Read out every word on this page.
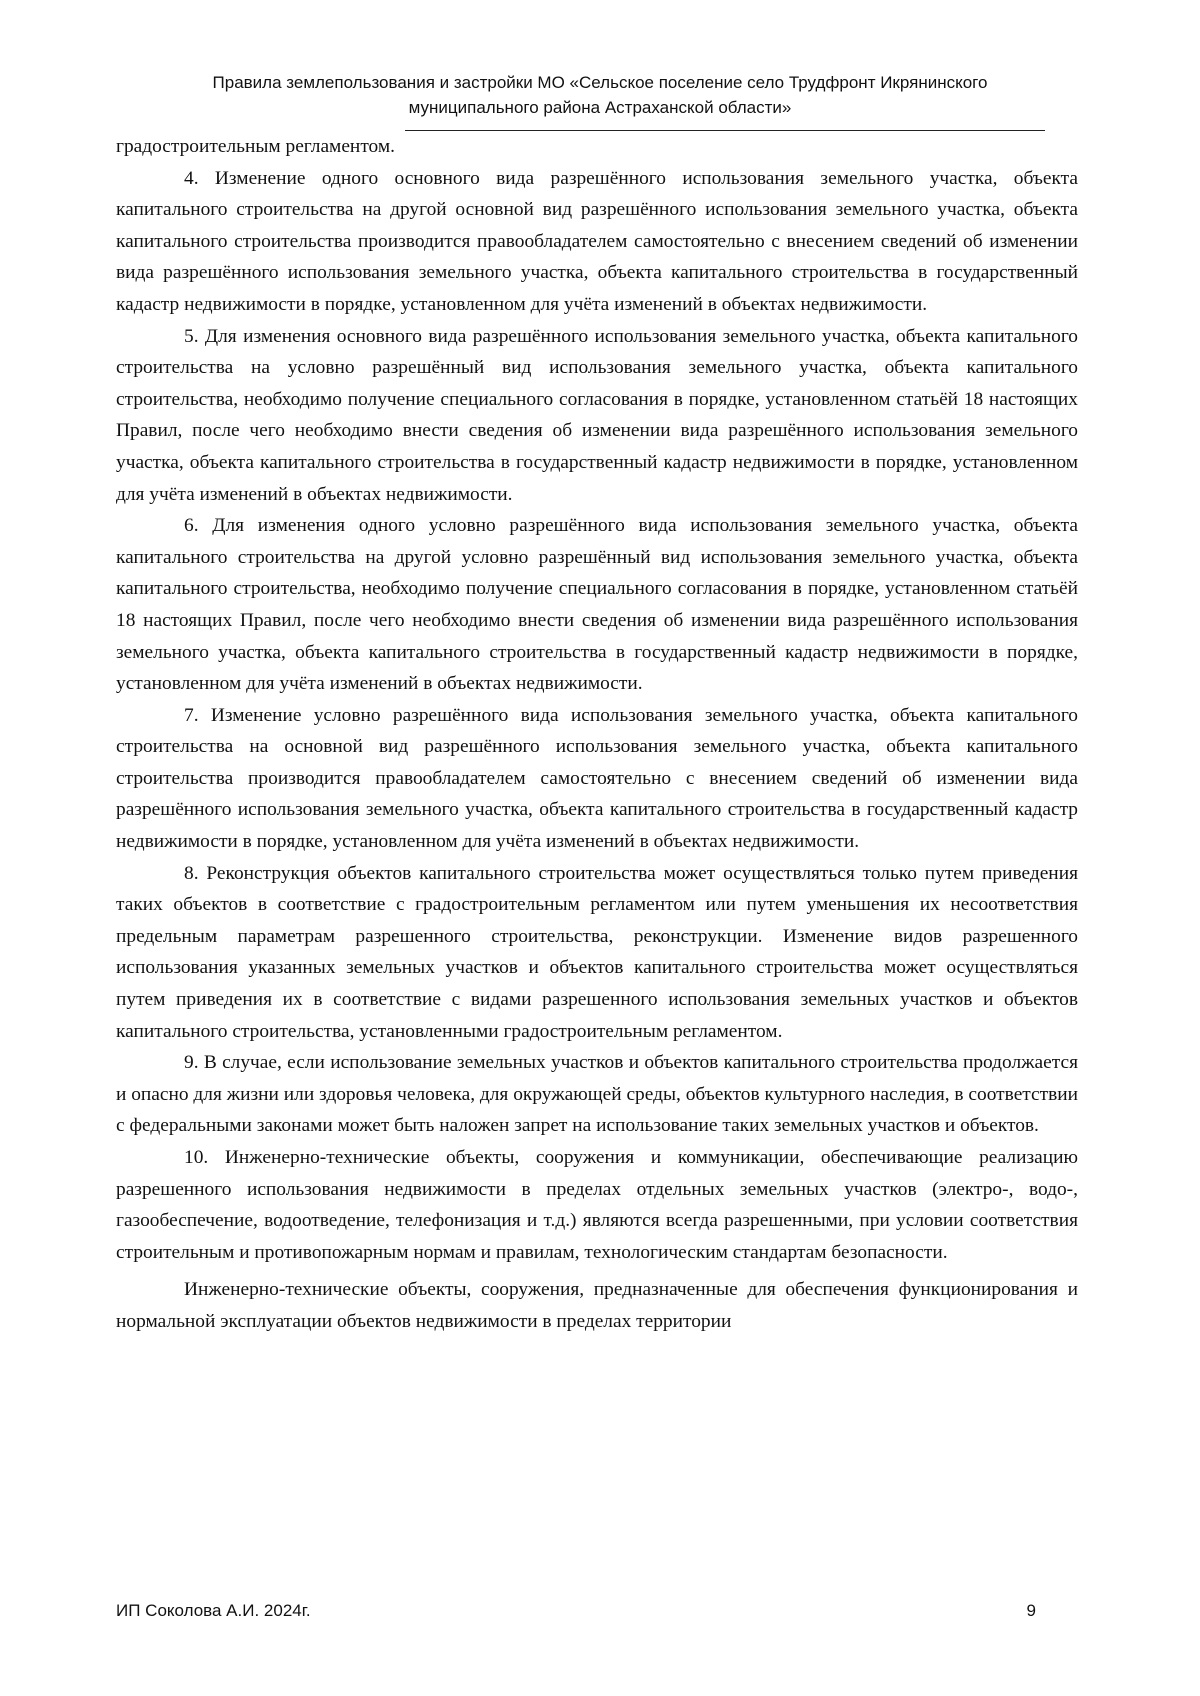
Правила землепользования и застройки МО «Сельское поселение село Трудфронт Икрянинского
муниципального района Астраханской области»

градостроительным регламентом.

4. Изменение одного основного вида разрешённого использования земельного участка, объекта капитального строительства на другой основной вид разрешённого использования земельного участка, объекта капитального строительства производится правообладателем самостоятельно с внесением сведений об изменении вида разрешённого использования земельного участка, объекта капитального строительства в государственный кадастр недвижимости в порядке, установленном для учёта изменений в объектах недвижимости.

5. Для изменения основного вида разрешённого использования земельного участка, объекта капитального строительства на условно разрешённый вид использования земельного участка, объекта капитального строительства, необходимо получение специального согласования в порядке, установленном статьёй 18 настоящих Правил, после чего необходимо внести сведения об изменении вида разрешённого использования земельного участка, объекта капитального строительства в государственный кадастр недвижимости в порядке, установленном для учёта изменений в объектах недвижимости.

6. Для изменения одного условно разрешённого вида использования земельного участка, объекта капитального строительства на другой условно разрешённый вид использования земельного участка, объекта капитального строительства, необходимо получение специального согласования в порядке, установленном статьёй 18 настоящих Правил, после чего необходимо внести сведения об изменении вида разрешённого использования земельного участка, объекта капитального строительства в государственный кадастр недвижимости в порядке, установленном для учёта изменений в объектах недвижимости.

7. Изменение условно разрешённого вида использования земельного участка, объекта капитального строительства на основной вид разрешённого использования земельного участка, объекта капитального строительства производится правообладателем самостоятельно с внесением сведений об изменении вида разрешённого использования земельного участка, объекта капитального строительства в государственный кадастр недвижимости в порядке, установленном для учёта изменений в объектах недвижимости.

8. Реконструкция объектов капитального строительства может осуществляться только путем приведения таких объектов в соответствие с градостроительным регламентом или путем уменьшения их несоответствия предельным параметрам разрешенного строительства, реконструкции. Изменение видов разрешенного использования указанных земельных участков и объектов капитального строительства может осуществляться путем приведения их в соответствие с видами разрешенного использования земельных участков и объектов капитального строительства, установленными градостроительным регламентом.

9. В случае, если использование земельных участков и объектов капитального строительства продолжается и опасно для жизни или здоровья человека, для окружающей среды, объектов культурного наследия, в соответствии с федеральными законами может быть наложен запрет на использование таких земельных участков и объектов.

10. Инженерно-технические объекты, сооружения и коммуникации, обеспечивающие реализацию разрешенного использования недвижимости в пределах отдельных земельных участков (электро-, водо-, газообеспечение, водоотведение, телефонизация и т.д.) являются всегда разрешенными, при условии соответствия строительным и противопожарным нормам и правилам, технологическим стандартам безопасности.

Инженерно-технические объекты, сооружения, предназначенные для обеспечения функционирования и нормальной эксплуатации объектов недвижимости в пределах территории

ИП Соколова А.И. 2024г.	9
